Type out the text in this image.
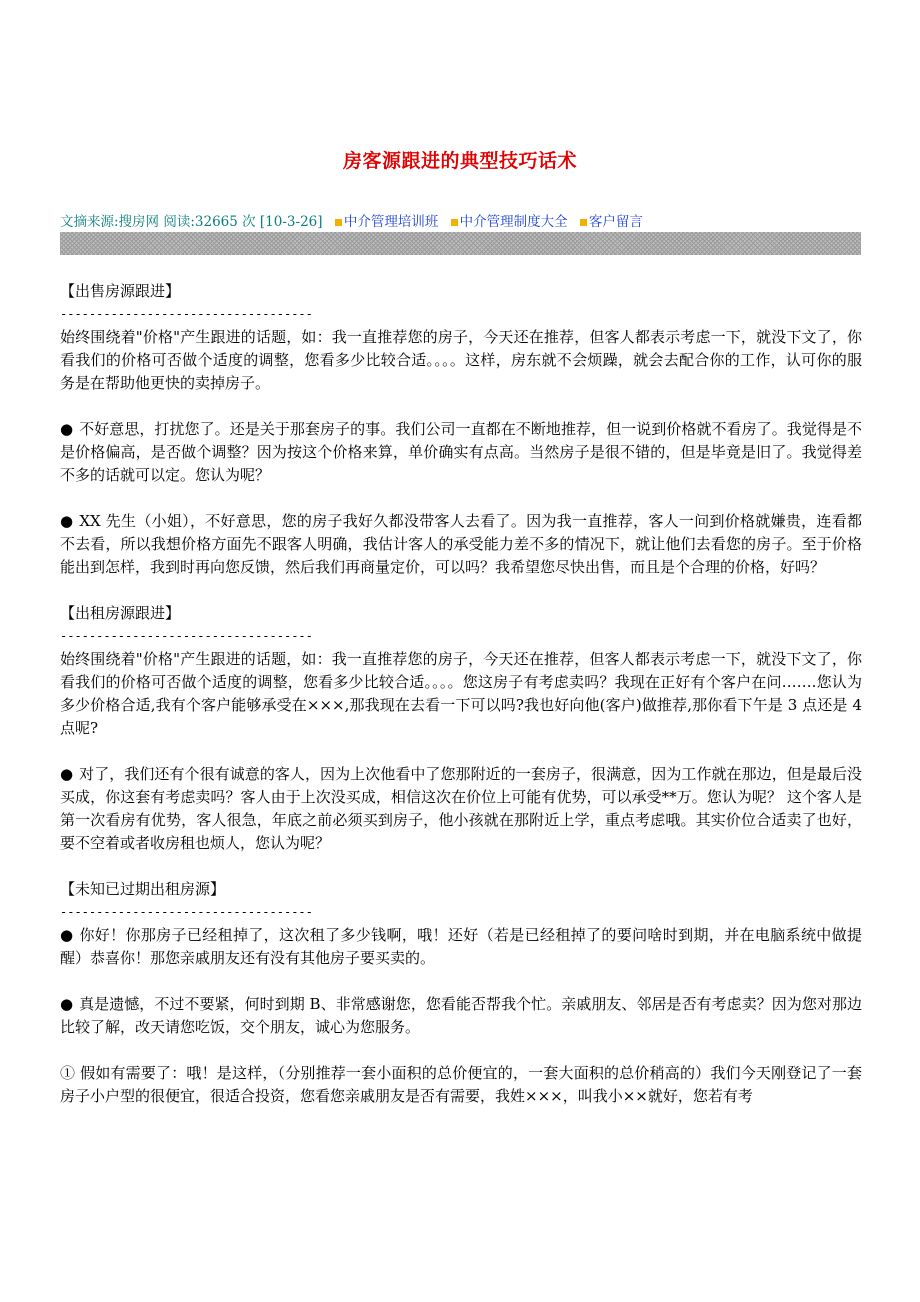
房客源跟进的典型技巧话术
文摘来源:搜房网 阅读:32665 次 [10-3-26] 中介管理培训班 中介管理制度大全 客户留言

【出售房源跟进】

-----------------------------------

始终围绕着"价格"产生跟进的话题，如：我一直推荐您的房子，今天还在推荐，但客人都表示考虑一下，就没下文了，你看我们的价格可否做个适度的调整，您看多少比较合适。。。。这样，房东就不会烦躁，就会去配合你的工作，认可你的服务是在帮助他更快的卖掉房子。

● 不好意思，打扰您了。还是关于那套房子的事。我们公司一直都在不断地推荐，但一说到价格就不看房了。我觉得是不是价格偏高，是否做个调整？因为按这个价格来算，单价确实有点高。当然房子是很不错的，但是毕竟是旧了。我觉得差不多的话就可以定。您认为呢？

● XX 先生（小姐），不好意思，您的房子我好久都没带客人去看了。因为我一直推荐，客人一问到价格就嫌贵，连看都不去看，所以我想价格方面先不跟客人明确，我估计客人的承受能力差不多的情况下，就让他们去看您的房子。至于价格能出到怎样，我到时再向您反馈，然后我们再商量定价，可以吗？我希望您尽快出售，而且是个合理的价格，好吗？

【出租房源跟进】

-----------------------------------

始终围绕着"价格"产生跟进的话题，如：我一直推荐您的房子，今天还在推荐，但客人都表示考虑一下，就没下文了，你看我们的价格可否做个适度的调整，您看多少比较合适。。。。您这房子有考虑卖吗？我现在正好有个客户在问…….您认为多少价格合适,我有个客户能够承受在×××,那我现在去看一下可以吗?我也好向他(客户)做推荐,那你看下午是 3 点还是 4 点呢?

● 对了，我们还有个很有诚意的客人，因为上次他看中了您那附近的一套房子，很满意，因为工作就在那边，但是最后没买成，你这套有考虑卖吗？客人由于上次没买成，相信这次在价位上可能有优势，可以承受**万。您认为呢？ 这个客人是第一次看房有优势，客人很急，年底之前必须买到房子，他小孩就在那附近上学，重点考虑哦。其实价位合适卖了也好，要不空着或者收房租也烦人，您认为呢？

【未知已过期出租房源】

-----------------------------------

● 你好！你那房子已经租掉了，这次租了多少钱啊，哦！还好（若是已经租掉了的要问啥时到期，并在电脑系统中做提醒）恭喜你！那您亲戚朋友还有没有其他房子要买卖的。

● 真是遗憾，不过不要紧，何时到期 B、非常感谢您，您看能否帮我个忙。亲戚朋友、邻居是否有考虑卖？因为您对那边比较了解，改天请您吃饭，交个朋友，诚心为您服务。

① 假如有需要了：哦！是这样，（分别推荐一套小面积的总价便宜的，一套大面积的总价稍高的）我们今天刚登记了一套房子小户型的很便宜，很适合投资，您看您亲戚朋友是否有需要，我姓×××，叫我小××就好，您若有考
